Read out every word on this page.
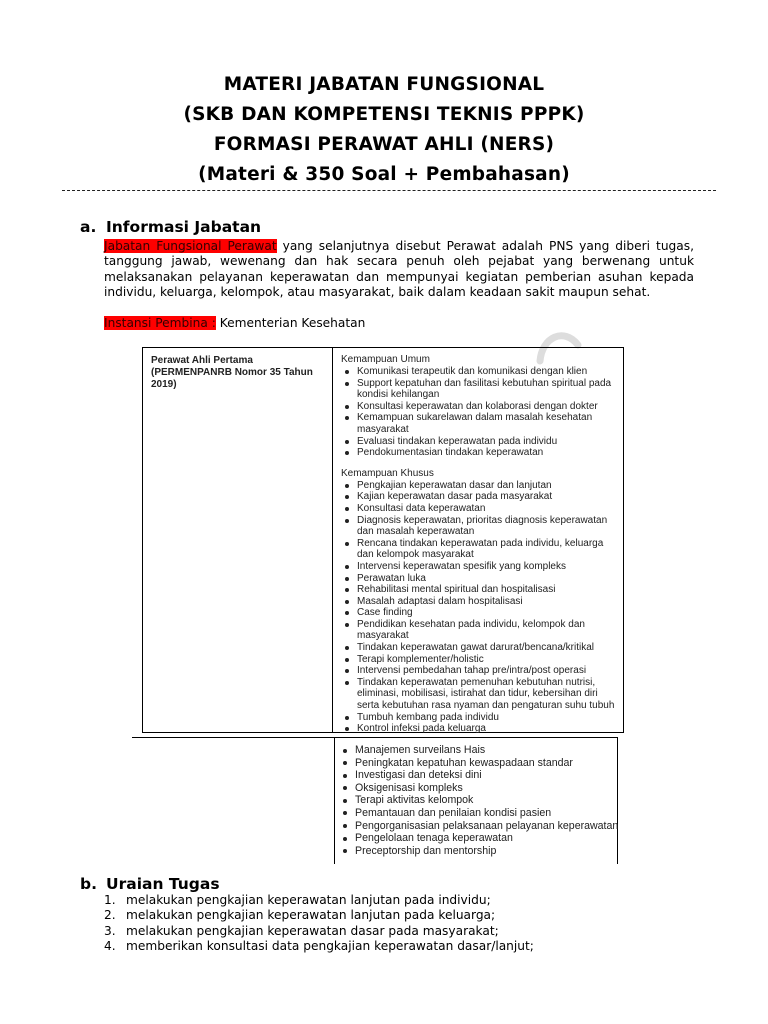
MATERI JABATAN FUNGSIONAL
(SKB DAN KOMPETENSI TEKNIS PPPK)
FORMASI PERAWAT AHLI (NERS)
(Materi & 350 Soal + Pembahasan)
a. Informasi Jabatan
Jabatan Fungsional Perawat yang selanjutnya disebut Perawat adalah PNS yang diberi tugas, tanggung jawab, wewenang dan hak secara penuh oleh pejabat yang berwenang untuk melaksanakan pelayanan keperawatan dan mempunyai kegiatan pemberian asuhan kepada individu, keluarga, kelompok, atau masyarakat, baik dalam keadaan sakit maupun sehat.
Instansi Pembina : Kementerian Kesehatan
Perawat Ahli Pertama
(PERMENPANRB Nomor 35 Tahun 2019)
Kemampuan Umum
Komunikasi terapeutik dan komunikasi dengan klien
Support kepatuhan dan fasilitasi kebutuhan spiritual pada kondisi kehilangan
Konsultasi keperawatan dan kolaborasi dengan dokter
Kemampuan sukarelawan dalam masalah kesehatan masyarakat
Evaluasi tindakan keperawatan pada individu
Pendokumentasian tindakan keperawatan
Kemampuan Khusus
Pengkajian keperawatan dasar dan lanjutan
Kajian keperawatan dasar pada masyarakat
Konsultasi data keperawatan
Diagnosis keperawatan, prioritas diagnosis keperawatan dan masalah keperawatan
Rencana tindakan keperawatan pada individu, keluarga dan kelompok masyarakat
Intervensi keperawatan spesifik yang kompleks
Perawatan luka
Rehabilitasi mental spiritual dan hospitalisasi
Masalah adaptasi dalam hospitalisasi
Case finding
Pendidikan kesehatan pada individu, kelompok dan masyarakat
Tindakan keperawatan gawat darurat/bencana/kritikal
Terapi komplementer/holistic
Intervensi pembedahan tahap pre/intra/post operasi
Tindakan keperawatan pemenuhan kebutuhan nutrisi, eliminasi, mobilisasi, istirahat dan tidur, kebersihan diri serta kebutuhan rasa nyaman dan pengaturan suhu tubuh
Tumbuh kembang pada individu
Kontrol infeksi pada keluarga
Manajemen surveilans Hais
Peningkatan kepatuhan kewaspadaan standar
Investigasi dan deteksi dini
Oksigenisasi kompleks
Terapi aktivitas kelompok
Pemantauan dan penilaian kondisi pasien
Pengorganisasian pelaksanaan pelayanan keperawatan
Pengelolaan tenaga keperawatan
Preceptorship dan mentorship
b. Uraian Tugas
1. melakukan pengkajian keperawatan lanjutan pada individu;
2. melakukan pengkajian keperawatan lanjutan pada keluarga;
3. melakukan pengkajian keperawatan dasar pada masyarakat;
4. memberikan konsultasi data pengkajian keperawatan dasar/lanjut;
